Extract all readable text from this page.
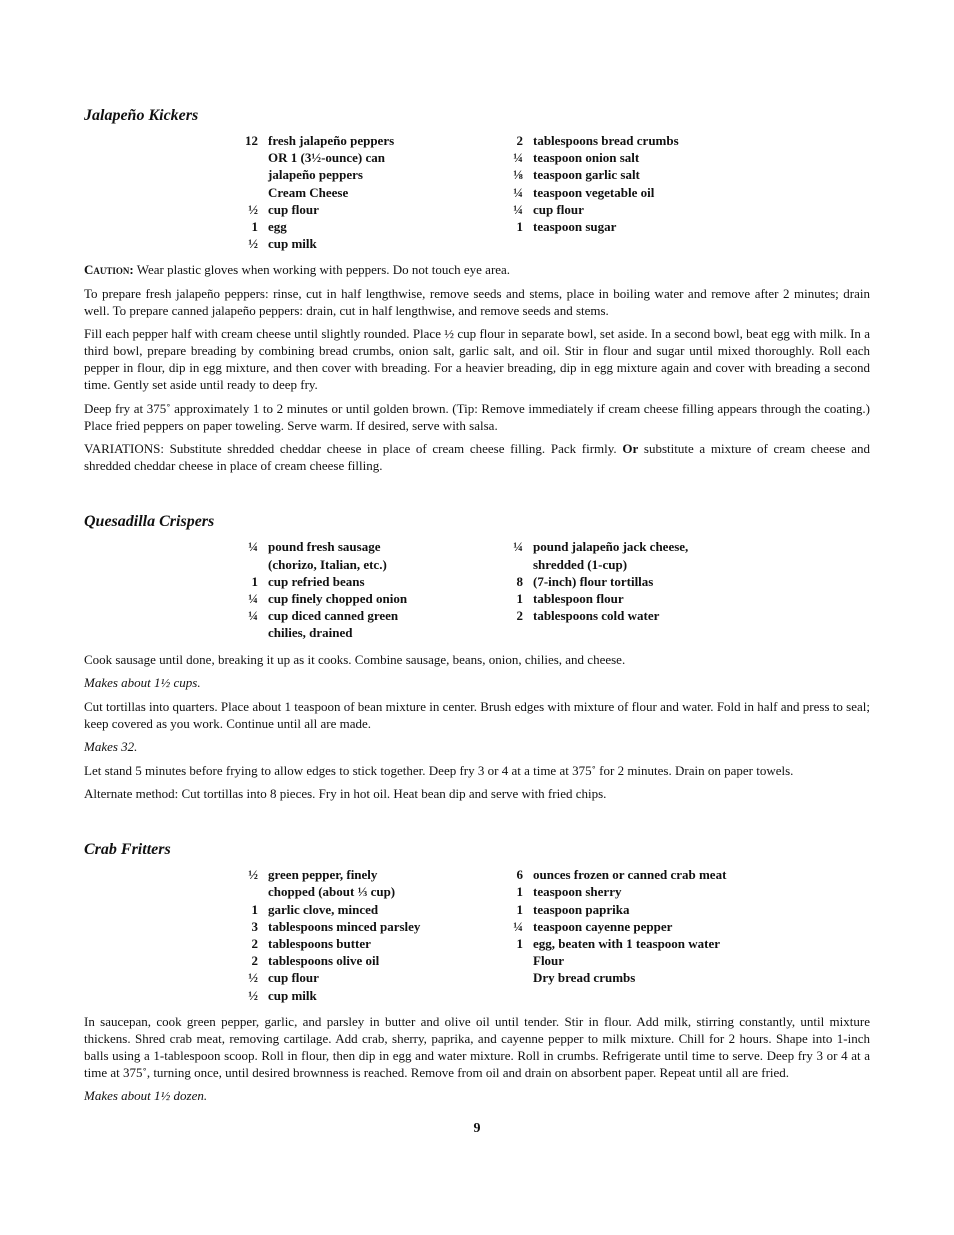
Jalapeño Kickers
12 fresh jalapeño peppers
OR 1 (3½-ounce) can
jalapeño peppers
Cream Cheese
½ cup flour
1 egg
½ cup milk
2 tablespoons bread crumbs
¼ teaspoon onion salt
⅛ teaspoon garlic salt
¼ teaspoon vegetable oil
¼ cup flour
1 teaspoon sugar

Caution: Wear plastic gloves when working with peppers. Do not touch eye area.

To prepare fresh jalapeño peppers: rinse, cut in half lengthwise, remove seeds and stems, place in boiling water and remove after 2 minutes; drain well. To prepare canned jalapeño peppers: drain, cut in half lengthwise, and remove seeds and stems.

Fill each pepper half with cream cheese until slightly rounded. Place ½ cup flour in separate bowl, set aside. In a second bowl, beat egg with milk. In a third bowl, prepare breading by combining bread crumbs, onion salt, garlic salt, and oil. Stir in flour and sugar until mixed thoroughly. Roll each pepper in flour, dip in egg mixture, and then cover with breading. For a heavier breading, dip in egg mixture again and cover with breading a second time. Gently set aside until ready to deep fry.

Deep fry at 375˚ approximately 1 to 2 minutes or until golden brown. (Tip: Remove immediately if cream cheese filling appears through the coating.) Place fried peppers on paper toweling. Serve warm. If desired, serve with salsa.

VARIATIONS: Substitute shredded cheddar cheese in place of cream cheese filling. Pack firmly. Or substitute a mixture of cream cheese and shredded cheddar cheese in place of cream cheese filling.

Quesadilla Crispers
¼ pound fresh sausage
(chorizo, Italian, etc.)
1 cup refried beans
¼ cup finely chopped onion
¼ cup diced canned green
chilies, drained
¼ pound jalapeño jack cheese,
shredded (1-cup)
8 (7-inch) flour tortillas
1 tablespoon flour
2 tablespoons cold water

Cook sausage until done, breaking it up as it cooks. Combine sausage, beans, onion, chilies, and cheese.

Makes about 1½ cups.

Cut tortillas into quarters. Place about 1 teaspoon of bean mixture in center. Brush edges with mixture of flour and water. Fold in half and press to seal; keep covered as you work. Continue until all are made.

Makes 32.

Let stand 5 minutes before frying to allow edges to stick together. Deep fry 3 or 4 at a time at 375˚ for 2 minutes. Drain on paper towels.

Alternate method: Cut tortillas into 8 pieces. Fry in hot oil. Heat bean dip and serve with fried chips.

Crab Fritters
½ green pepper, finely
chopped (about ⅓ cup)
1 garlic clove, minced
3 tablespoons minced parsley
2 tablespoons butter
2 tablespoons olive oil
½ cup flour
½ cup milk
6 ounces frozen or canned crab meat
1 teaspoon sherry
1 teaspoon paprika
¼ teaspoon cayenne pepper
1 egg, beaten with 1 teaspoon water
Flour
Dry bread crumbs

In saucepan, cook green pepper, garlic, and parsley in butter and olive oil until tender. Stir in flour. Add milk, stirring constantly, until mixture thickens. Shred crab meat, removing cartilage. Add crab, sherry, paprika, and cayenne pepper to milk mixture. Chill for 2 hours. Shape into 1-inch balls using a 1-tablespoon scoop. Roll in flour, then dip in egg and water mixture. Roll in crumbs. Refrigerate until time to serve. Deep fry 3 or 4 at a time at 375˚, turning once, until desired brownness is reached. Remove from oil and drain on absorbent paper. Repeat until all are fried.

Makes about 1½ dozen.

9
